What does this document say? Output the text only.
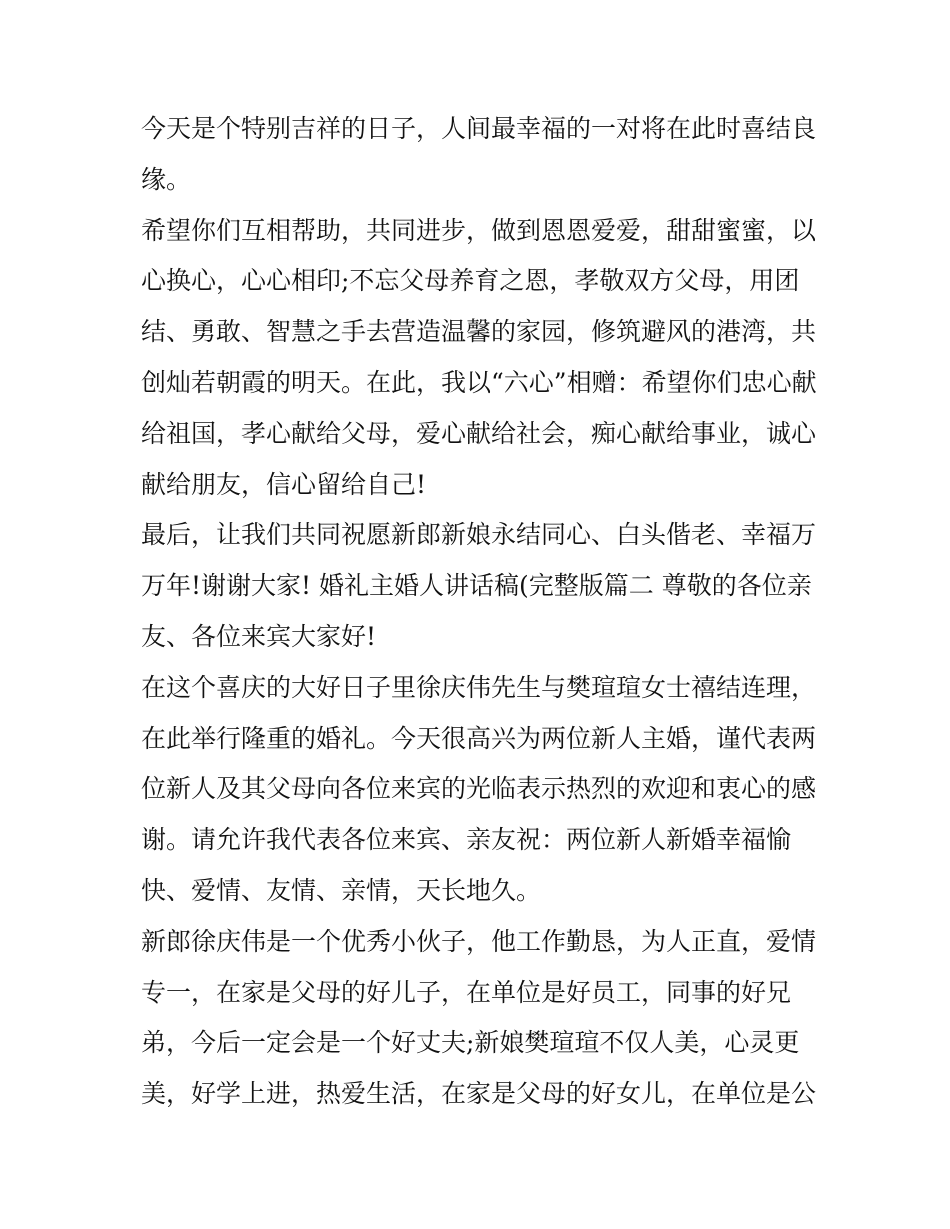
今天是个特别吉祥的日子，人间最幸福的一对将在此时喜结良
缘。
希望你们互相帮助，共同进步，做到恩恩爱爱，甜甜蜜蜜，以
心换心，心心相印;不忘父母养育之恩，孝敬双方父母，用团
结、勇敢、智慧之手去营造温馨的家园，修筑避风的港湾，共
创灿若朝霞的明天。在此，我以“六心”相赠：希望你们忠心献
给祖国，孝心献给父母，爱心献给社会，痴心献给事业，诚心
献给朋友，信心留给自己!
最后，让我们共同祝愿新郎新娘永结同心、白头偕老、幸福万
万年!谢谢大家! 婚礼主婚人讲话稿(完整版篇二 尊敬的各位亲
友、各位来宾大家好!
在这个喜庆的大好日子里徐庆伟先生与樊瑄瑄女士禧结连理，
在此举行隆重的婚礼。今天很高兴为两位新人主婚，谨代表两
位新人及其父母向各位来宾的光临表示热烈的欢迎和衷心的感
谢。请允许我代表各位来宾、亲友祝：两位新人新婚幸福愉
快、爱情、友情、亲情，天长地久。
新郎徐庆伟是一个优秀小伙子，他工作勤恳，为人正直，爱情
专一，在家是父母的好儿子，在单位是好员工，同事的好兄
弟，今后一定会是一个好丈夫;新娘樊瑄瑄不仅人美，心灵更
美，好学上进，热爱生活，在家是父母的好女儿，在单位是公
